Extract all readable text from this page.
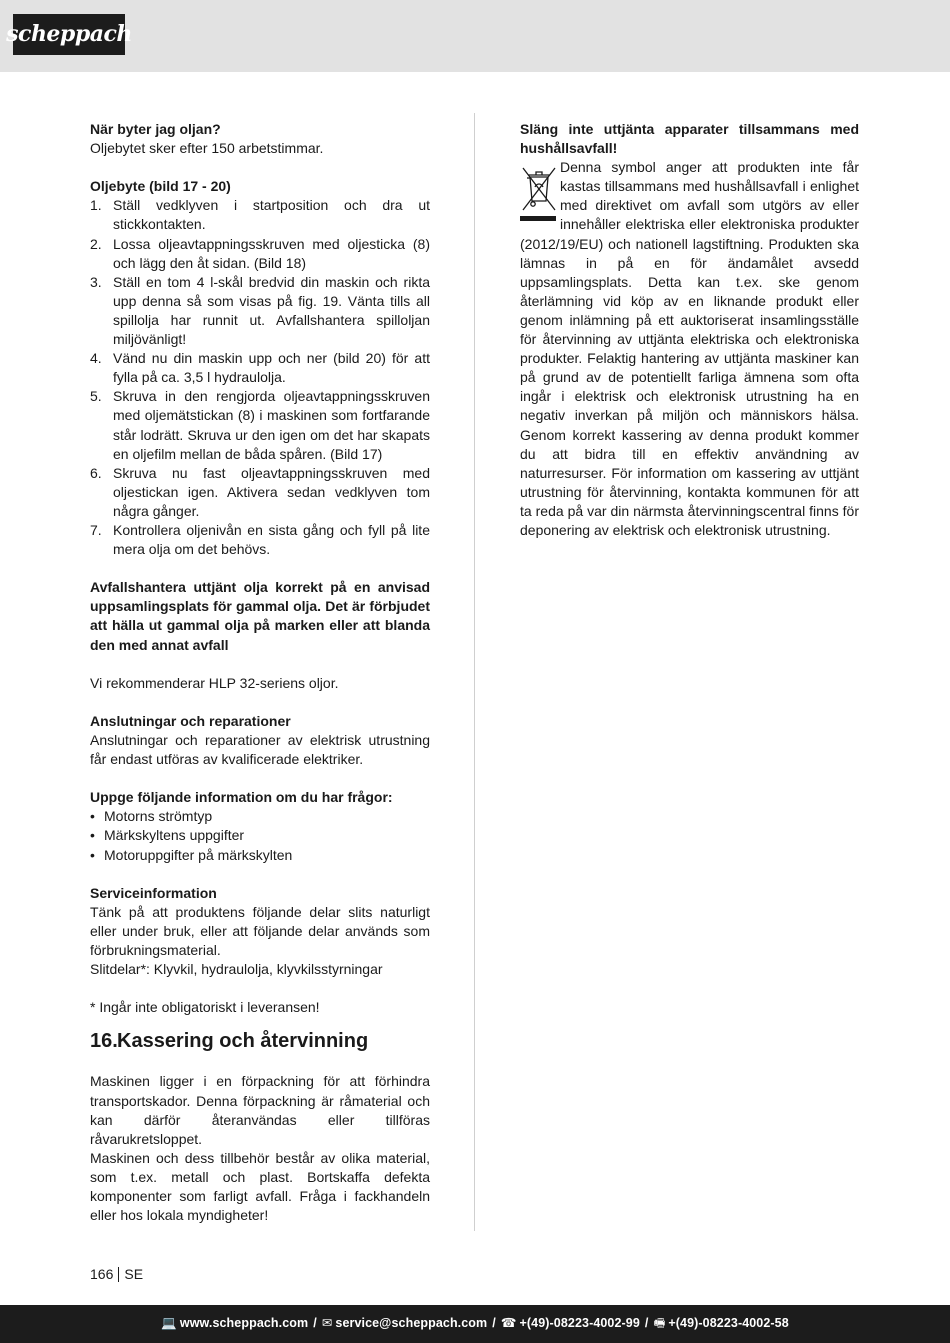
scheppach

När byter jag oljan?

Oljebytet sker efter 150 arbetstimmar.

Oljebyte (bild 17 - 20)

1. Ställ vedklyven i startposition och dra ut stickkontakten.
2. Lossa oljeavtappningsskruven med oljesticka (8) och lägg den åt sidan. (Bild 18)
3. Ställ en tom 4 l-skål bredvid din maskin och rikta upp denna så som visas på fig. 19. Vänta tills all spillolja har runnit ut. Avfallshantera spilloljan miljövänligt!
4. Vänd nu din maskin upp och ner (bild 20) för att fylla på ca. 3,5 l hydraulolja.
5. Skruva in den rengjorda oljeavtappningsskruven med oljemätstickan (8) i maskinen som fortfarande står lodrätt. Skruva ur den igen om det har skapats en oljefilm mellan de båda spåren. (Bild 17)
6. Skruva nu fast oljeavtappningsskruven med oljestickan igen. Aktivera sedan vedklyven tom några gånger.
7. Kontrollera oljenivån en sista gång och fyll på lite mera olja om det behövs.

Avfallshantera uttjänt olja korrekt på en anvisad uppsamlingsplats för gammal olja. Det är förbjudet att hälla ut gammal olja på marken eller att blanda den med annat avfall

Vi rekommenderar HLP 32-seriens oljor.

Anslutningar och reparationer

Anslutningar och reparationer av elektrisk utrustning får endast utföras av kvalificerade elektriker.

Uppge följande information om du har frågor:

• Motorns strömtyp
• Märkskyltens uppgifter
• Motoruppgifter på märkskylten

Serviceinformation

Tänk på att produktens följande delar slits naturligt eller under bruk, eller att följande delar används som förbrukningsmaterial.

Slitdelar*: Klyvkil, hydraulolja, klyvkilsstyrningar

* Ingår inte obligatoriskt i leveransen!

16. Kassering och återvinning

Maskinen ligger i en förpackning för att förhindra transportskador. Denna förpackning är råmaterial och kan därför återanvändas eller tillföras råvarukretsloppet.

Maskinen och dess tillbehör består av olika material, som t.ex. metall och plast. Bortskaffa defekta komponenter som farligt avfall. Fråga i fackhandeln eller hos lokala myndigheter!

Släng inte uttjänta apparater tillsammans med hushållsavfall!

Denna symbol anger att produkten inte får kastas tillsammans med hushållsavfall i enlighet med direktivet om avfall som utgörs av eller innehåller elektriska eller elektroniska produkter (2012/19/EU) och nationell lagstiftning. Produkten ska lämnas in på en för ändamålet avsedd uppsamlingsplats. Detta kan t.ex. ske genom återlämning vid köp av en liknande produkt eller genom inlämning på ett auktoriserat insamlingsställe för återvinning av uttjänta elektriska och elektroniska produkter. Felaktig hantering av uttjänta maskiner kan på grund av de potentiellt farliga ämnena som ofta ingår i elektrisk och elektronisk utrustning ha en negativ inverkan på miljön och människors hälsa. Genom korrekt kassering av denna produkt kommer du att bidra till en effektiv användning av naturresurser. För information om kassering av uttjänt utrustning för återvinning, kontakta kommunen för att ta reda på var din närmsta återvinningscentral finns för deponering av elektrisk och elektronisk utrustning.
166 SE
💻 www.scheppach.com / ✉ service@scheppach.com / ☎ +(49)-08223-4002-99 / 🖷 +(49)-08223-4002-58
